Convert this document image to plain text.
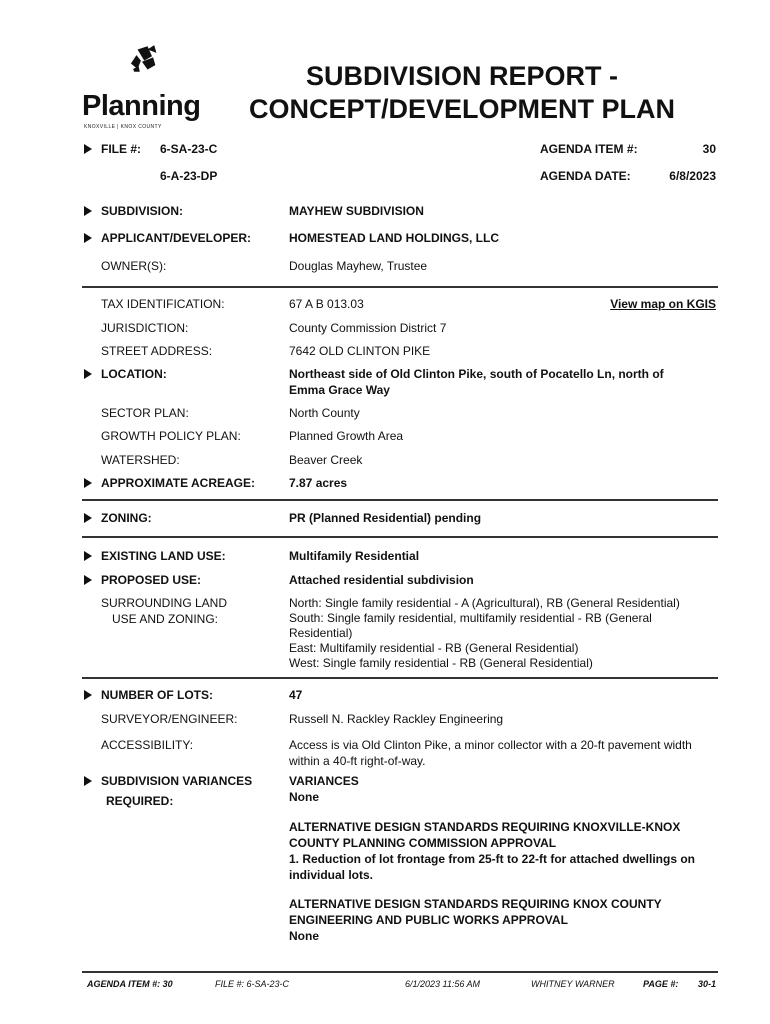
Planning
KNOXVILLE | KNOX COUNTY
SUBDIVISION REPORT -
CONCEPT/DEVELOPMENT PLAN
FILE #: 6-SA-23-C	AGENDA ITEM #:	30
6-A-23-DP	AGENDA DATE:	6/8/2023
SUBDIVISION:	MAYHEW SUBDIVISION
APPLICANT/DEVELOPER:	HOMESTEAD LAND HOLDINGS, LLC
OWNER(S):	Douglas Mayhew, Trustee
TAX IDENTIFICATION:	67 A B 013.03	View map on KGIS
JURISDICTION:	County Commission District 7
STREET ADDRESS:	7642 OLD CLINTON PIKE
LOCATION:	Northeast side of Old Clinton Pike, south of Pocatello Ln, north of
Emma Grace Way
SECTOR PLAN:	North County
GROWTH POLICY PLAN:	Planned Growth Area
WATERSHED:	Beaver Creek
APPROXIMATE ACREAGE:	7.87 acres
ZONING:	PR (Planned Residential) pending
EXISTING LAND USE:	Multifamily Residential
PROPOSED USE:	Attached residential subdivision
SURROUNDING LAND
USE AND ZONING:
North: Single family residential - A (Agricultural), RB (General Residential)
South: Single family residential, multifamily residential - RB (General
Residential)
East: Multifamily residential - RB (General Residential)
West: Single family residential - RB (General Residential)
NUMBER OF LOTS:	47
SURVEYOR/ENGINEER:	Russell N. Rackley Rackley Engineering
ACCESSIBILITY:	Access is via Old Clinton Pike, a minor collector with a 20-ft pavement width
within a 40-ft right-of-way.
SUBDIVISION VARIANCES
REQUIRED:
VARIANCES
None
ALTERNATIVE DESIGN STANDARDS REQUIRING KNOXVILLE-KNOX
COUNTY PLANNING COMMISSION APPROVAL
1. Reduction of lot frontage from 25-ft to 22-ft for attached dwellings on
individual lots.
ALTERNATIVE DESIGN STANDARDS REQUIRING KNOX COUNTY
ENGINEERING AND PUBLIC WORKS APPROVAL
None
AGENDA ITEM #: 30	FILE #: 6-SA-23-C	6/1/2023 11:56 AM	WHITNEY WARNER	PAGE #: 30-1
